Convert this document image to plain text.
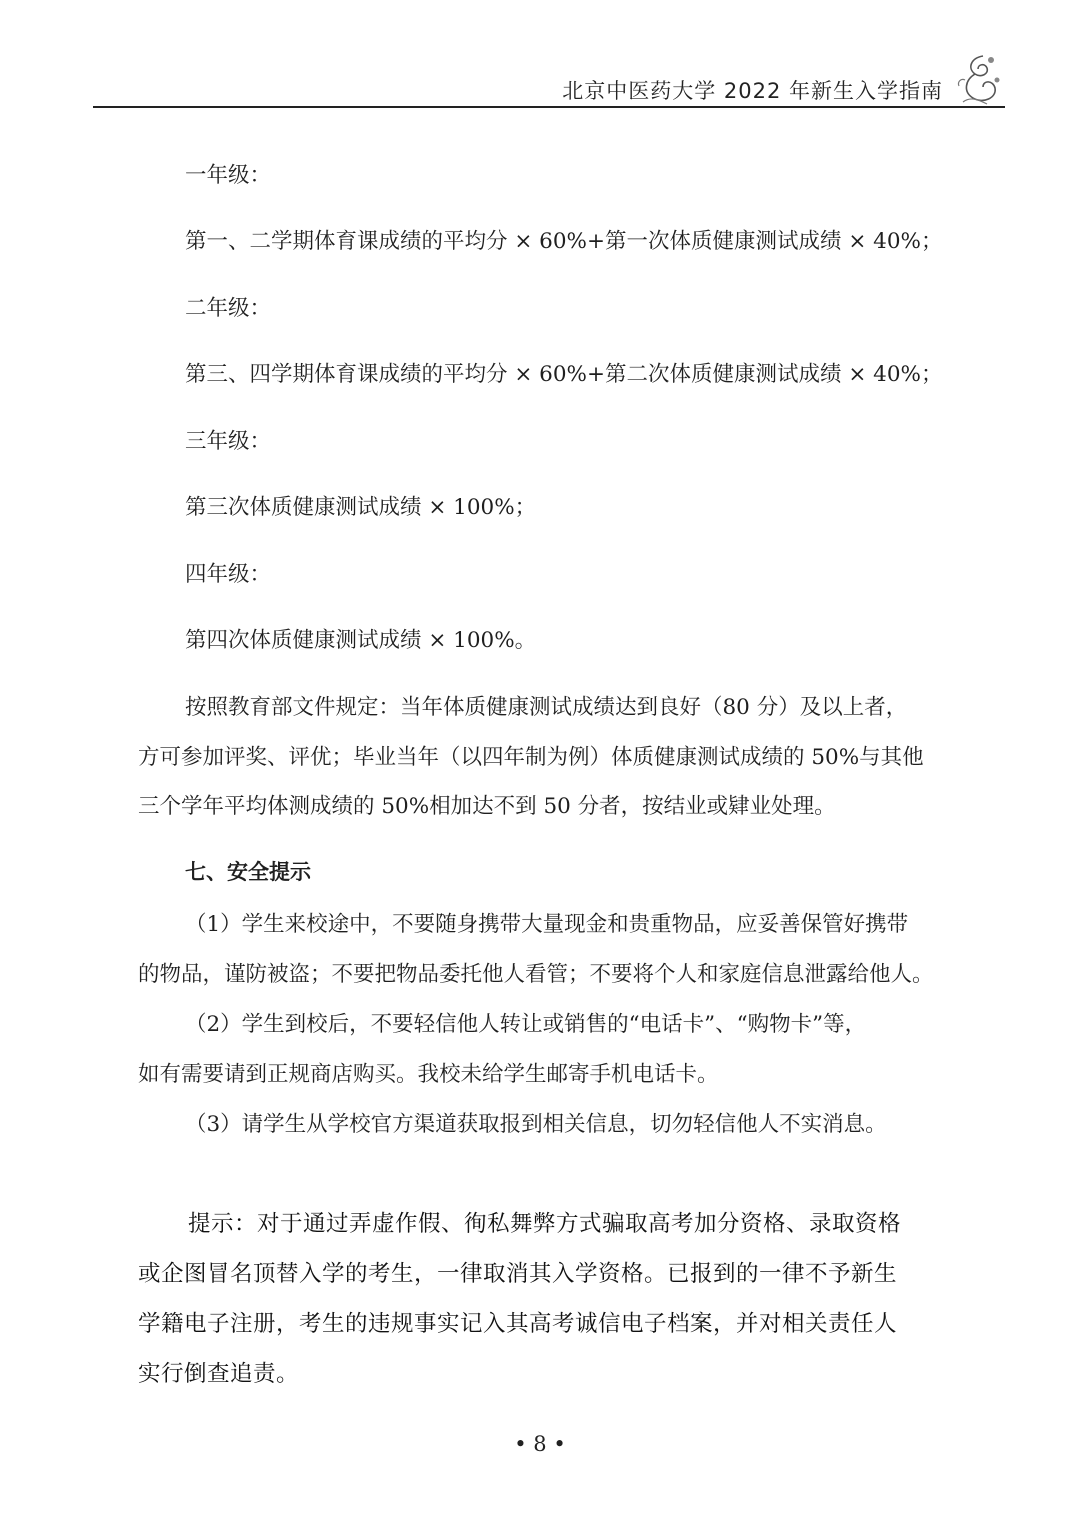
北京中医药大学 2022 年新生入学指南
一年级：
第一、二学期体育课成绩的平均分 × 60%+第一次体质健康测试成绩 × 40%；
二年级：
第三、四学期体育课成绩的平均分 × 60%+第二次体质健康测试成绩 × 40%；
三年级：
第三次体质健康测试成绩 × 100%；
四年级：
第四次体质健康测试成绩 × 100%。
按照教育部文件规定：当年体质健康测试成绩达到良好（80 分）及以上者，
方可参加评奖、评优；毕业当年（以四年制为例）体质健康测试成绩的 50%与其他
三个学年平均体测成绩的 50%相加达不到 50 分者，按结业或肄业处理。
七、安全提示
（1）学生来校途中，不要随身携带大量现金和贵重物品，应妥善保管好携带
的物品，谨防被盗；不要把物品委托他人看管；不要将个人和家庭信息泄露给他人。
（2）学生到校后，不要轻信他人转让或销售的“电话卡”、“购物卡”等，
如有需要请到正规商店购买。我校未给学生邮寄手机电话卡。
（3）请学生从学校官方渠道获取报到相关信息，切勿轻信他人不实消息。
提示：对于通过弄虚作假、徇私舞弊方式骗取高考加分资格、录取资格
或企图冒名顶替入学的考生，一律取消其入学资格。已报到的一律不予新生
学籍电子注册，考生的违规事实记入其高考诚信电子档案，并对相关责任人
实行倒查追责。
• 8 •
